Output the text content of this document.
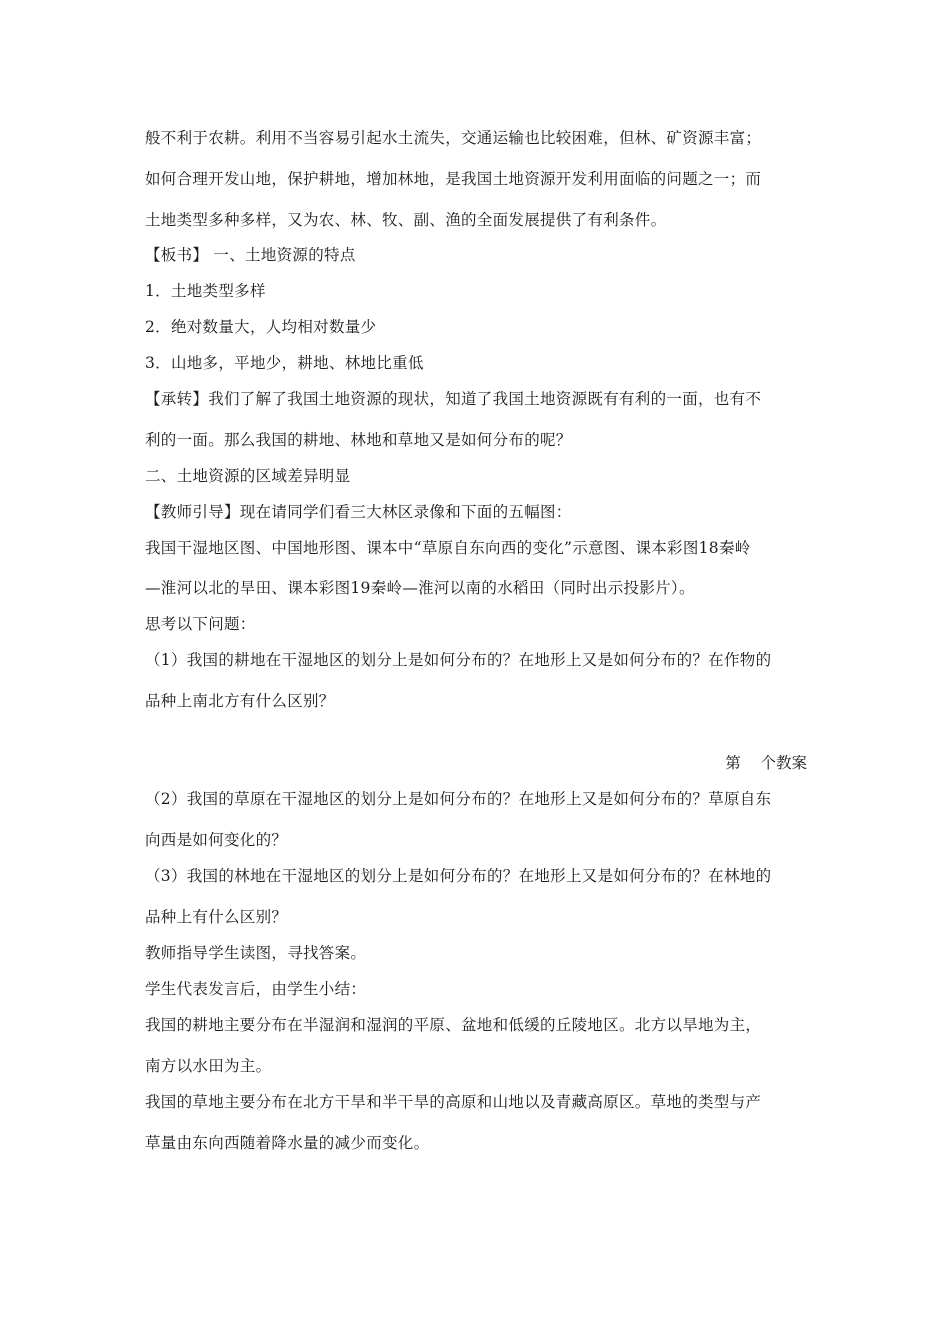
般不利于农耕。利用不当容易引起水土流失，交通运输也比较困难，但林、矿资源丰富；
如何合理开发山地，保护耕地，增加林地，是我国土地资源开发利用面临的问题之一；而
土地类型多种多样，又为农、林、牧、副、渔的全面发展提供了有利条件。
【板书】 一、土地资源的特点
1．土地类型多样
2．绝对数量大，人均相对数量少
3．山地多，平地少，耕地、林地比重低
【承转】我们了解了我国土地资源的现状，知道了我国土地资源既有有利的一面，也有不
利的一面。那么我国的耕地、林地和草地又是如何分布的呢？
二、土地资源的区域差异明显
【教师引导】现在请同学们看三大林区录像和下面的五幅图：
我国干湿地区图、中国地形图、课本中“草原自东向西的变化”示意图、课本彩图18秦岭
—淮河以北的旱田、课本彩图19秦岭—淮河以南的水稻田（同时出示投影片）。
思考以下问题：
（1）我国的耕地在干湿地区的划分上是如何分布的？在地形上又是如何分布的？在作物的
品种上南北方有什么区别？
第    个教案
（2）我国的草原在干湿地区的划分上是如何分布的？在地形上又是如何分布的？草原自东
向西是如何变化的？
（3）我国的林地在干湿地区的划分上是如何分布的？在地形上又是如何分布的？在林地的
品种上有什么区别？
教师指导学生读图，寻找答案。
学生代表发言后，由学生小结：
我国的耕地主要分布在半湿润和湿润的平原、盆地和低缓的丘陵地区。北方以旱地为主，
南方以水田为主。
我国的草地主要分布在北方干旱和半干旱的高原和山地以及青藏高原区。草地的类型与产
草量由东向西随着降水量的减少而变化。
